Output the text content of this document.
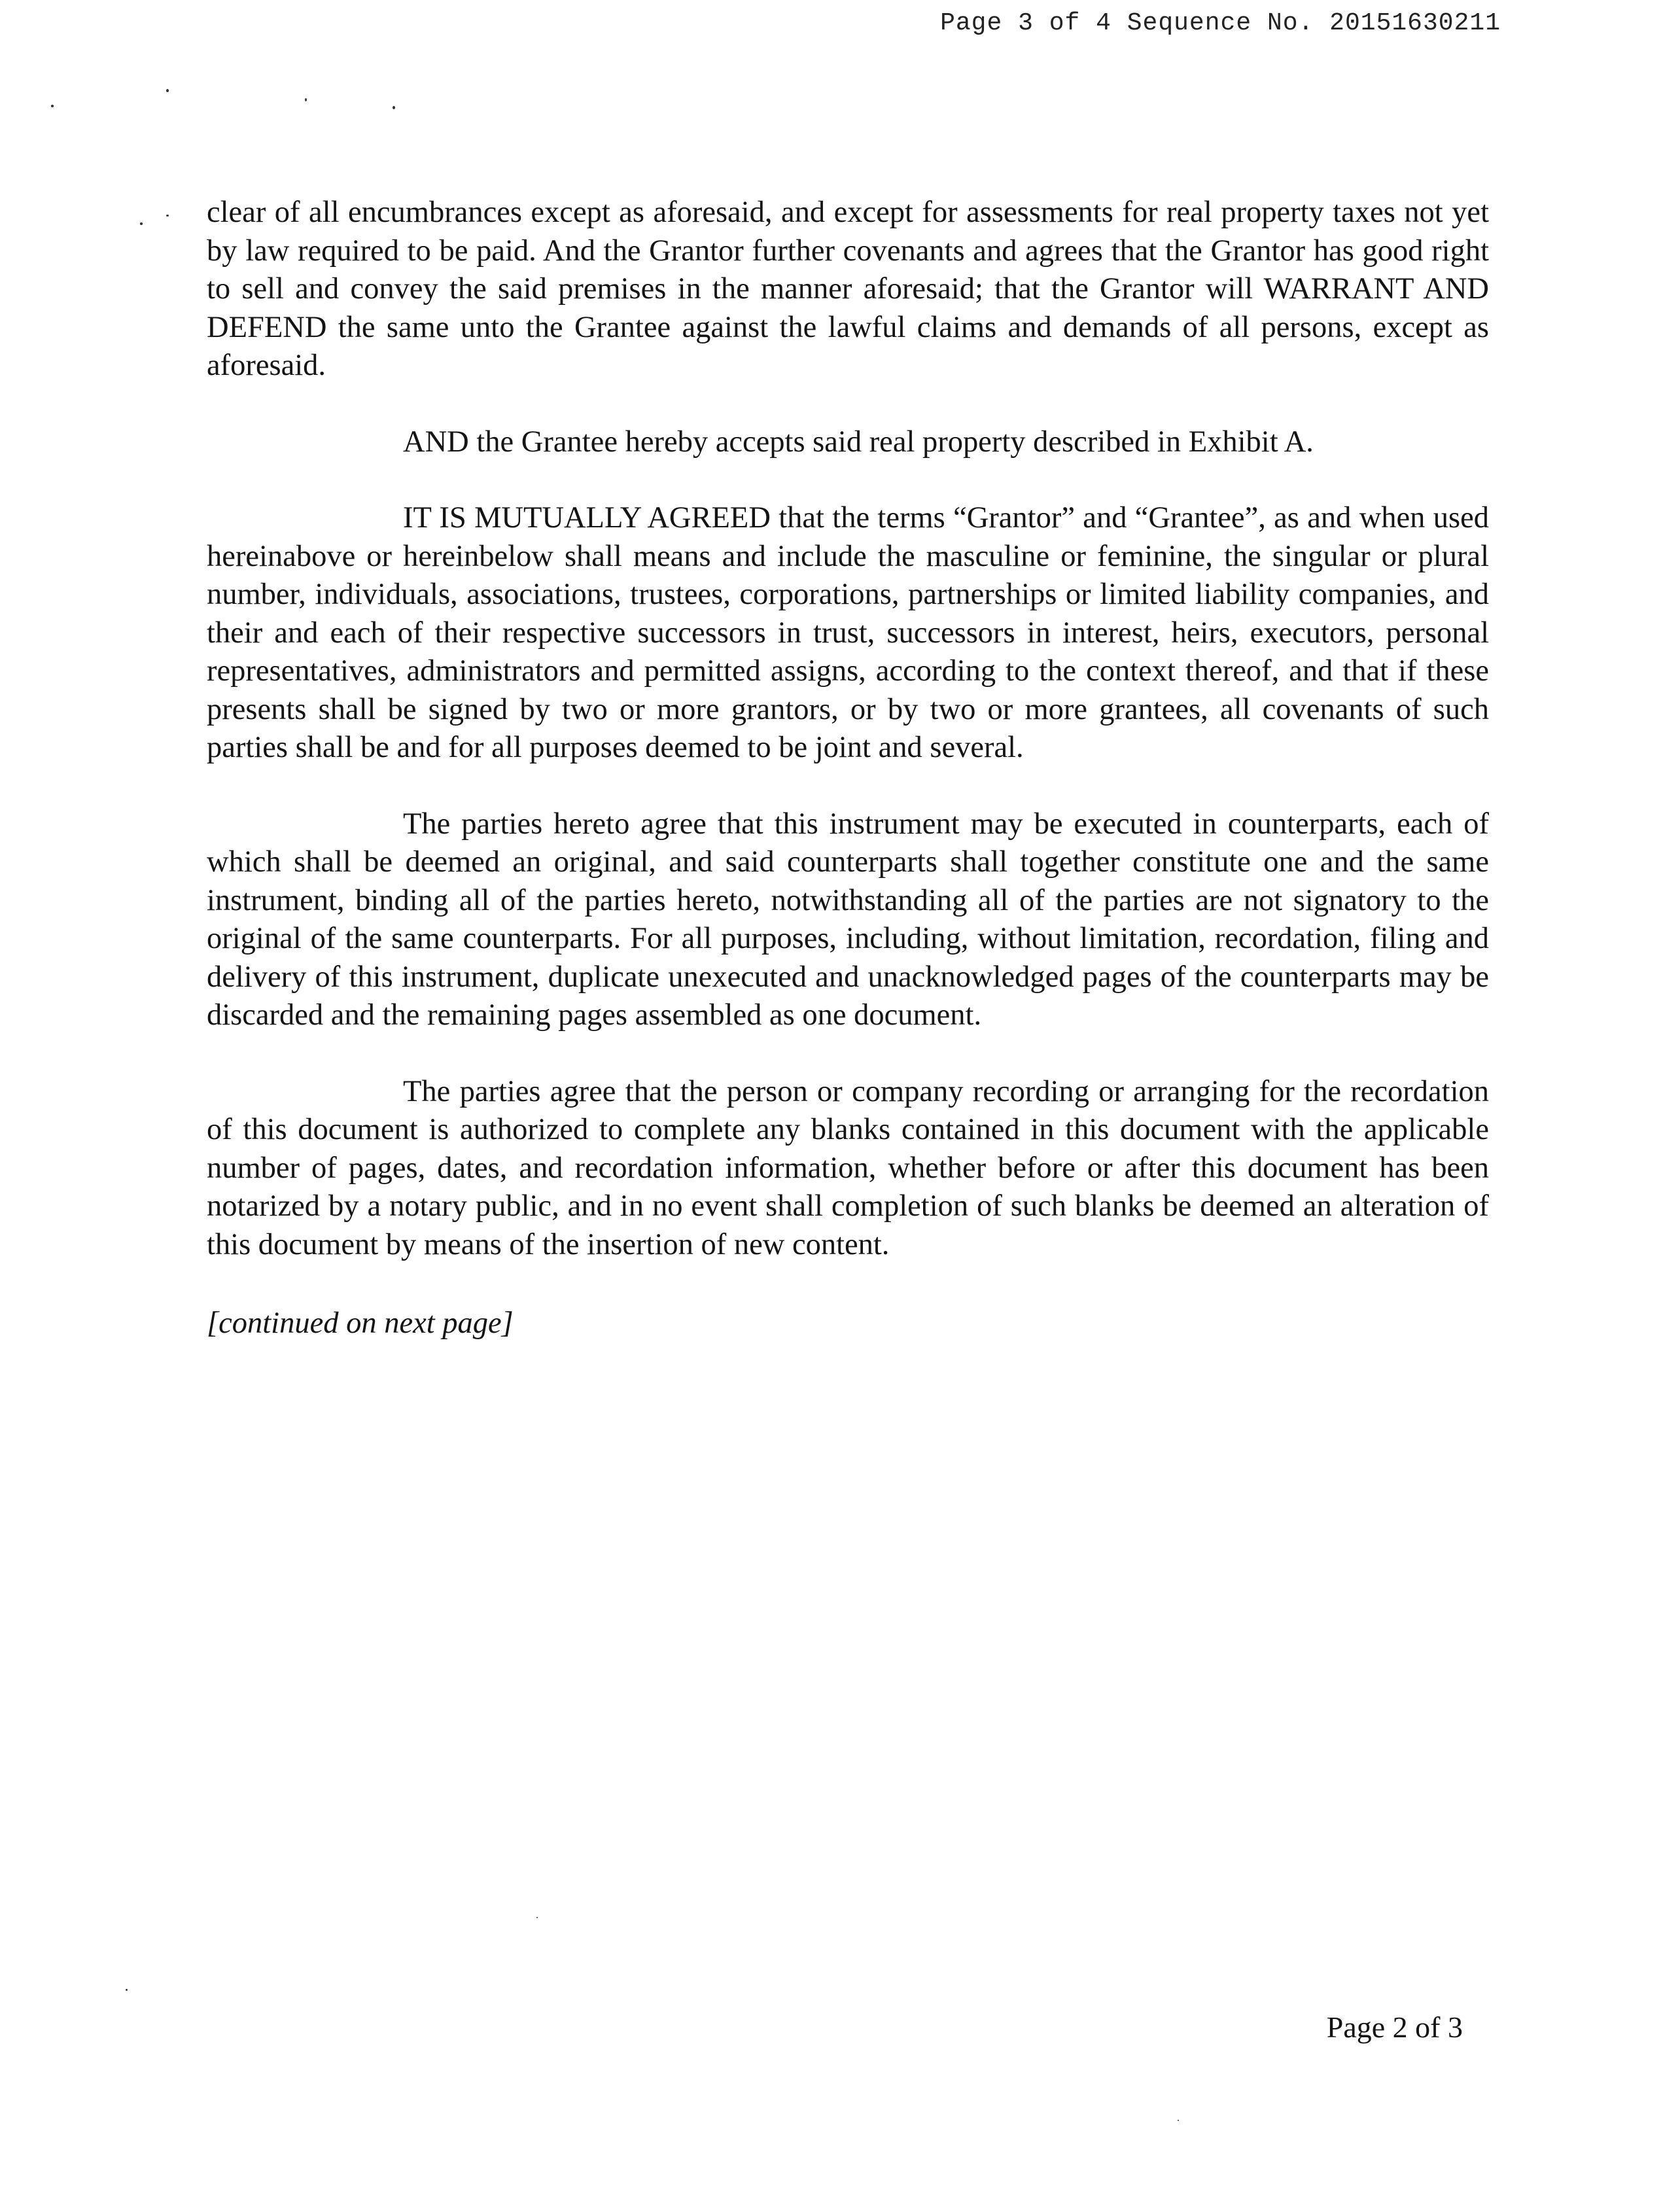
Page 3 of 4 Sequence No. 20151630211

clear of all encumbrances except as aforesaid, and except for assessments for real property taxes not yet by law required to be paid. And the Grantor further covenants and agrees that the Grantor has good right to sell and convey the said premises in the manner aforesaid; that the Grantor will WARRANT AND DEFEND the same unto the Grantee against the lawful claims and demands of all persons, except as aforesaid.

AND the Grantee hereby accepts said real property described in Exhibit A.

IT IS MUTUALLY AGREED that the terms “Grantor” and “Grantee”, as and when used hereinabove or hereinbelow shall means and include the masculine or feminine, the singular or plural number, individuals, associations, trustees, corporations, partnerships or limited liability companies, and their and each of their respective successors in trust, successors in interest, heirs, executors, personal representatives, administrators and permitted assigns, according to the context thereof, and that if these presents shall be signed by two or more grantors, or by two or more grantees, all covenants of such parties shall be and for all purposes deemed to be joint and several.

The parties hereto agree that this instrument may be executed in counterparts, each of which shall be deemed an original, and said counterparts shall together constitute one and the same instrument, binding all of the parties hereto, notwithstanding all of the parties are not signatory to the original of the same counterparts. For all purposes, including, without limitation, recordation, filing and delivery of this instrument, duplicate unexecuted and unacknowledged pages of the counterparts may be discarded and the remaining pages assembled as one document.

The parties agree that the person or company recording or arranging for the recordation of this document is authorized to complete any blanks contained in this document with the applicable number of pages, dates, and recordation information, whether before or after this document has been notarized by a notary public, and in no event shall completion of such blanks be deemed an alteration of this document by means of the insertion of new content.

[continued on next page]

Page 2 of 3
